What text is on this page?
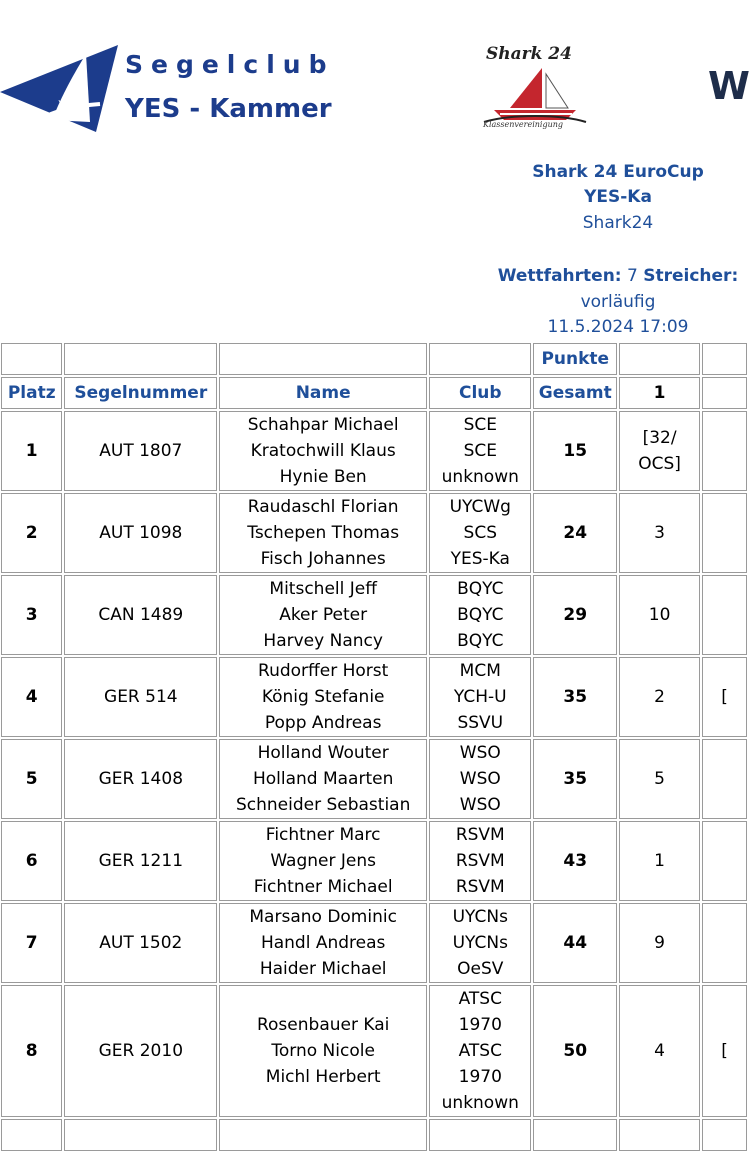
YC
Segelclub
YES - Kammer
Shark 24
Klassenvereinigung
W
Shark 24 EuroCup
YES-Ka
Shark24
Wettfahrten: 7 Streicher:
vorläufig
11.5.2024 17:09
				Punkte		
Platz	Segelnummer	Name	Club	Gesamt	1	
1	AUT 1807	Schahpar Michael
Kratochwill Klaus
Hynie Ben	SCE
SCE
unknown	15	[32/
OCS]	
2	AUT 1098	Raudaschl Florian
Tschepen Thomas
Fisch Johannes	UYCWg
SCS
YES-Ka	24	3	
3	CAN 1489	Mitschell Jeff
Aker Peter
Harvey Nancy	BQYC
BQYC
BQYC	29	10	
4	GER 514	Rudorffer Horst
König Stefanie
Popp Andreas	MCM
YCH-U
SSVU	35	2	[
5	GER 1408	Holland Wouter
Holland Maarten
Schneider Sebastian	WSO
WSO
WSO	35	5	
6	GER 1211	Fichtner Marc
Wagner Jens
Fichtner Michael	RSVM
RSVM
RSVM	43	1	
7	AUT 1502	Marsano Dominic
Handl Andreas
Haider Michael	UYCNs
UYCNs
OeSV	44	9	
8	GER 2010	Rosenbauer Kai
Torno Nicole
Michl Herbert	ATSC
1970
ATSC
1970
unknown	50	4	[
